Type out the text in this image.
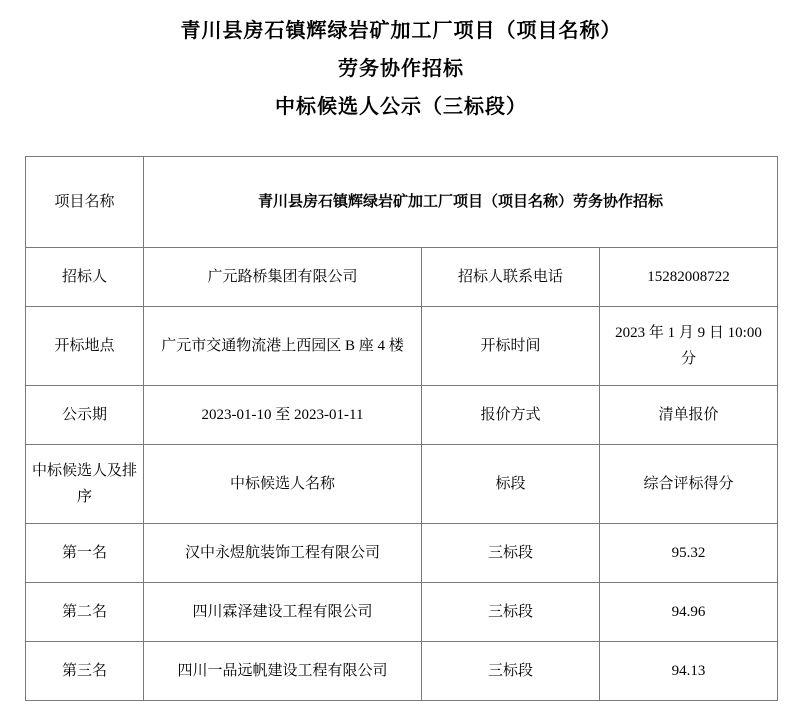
青川县房石镇辉绿岩矿加工厂项目（项目名称）
劳务协作招标
中标候选人公示（三标段）
项目名称	青川县房石镇辉绿岩矿加工厂项目（项目名称）劳务协作招标		
招标人	广元路桥集团有限公司	招标人联系电话	15282008722
开标地点	广元市交通物流港上西园区 B 座 4 楼	开标时间	2023 年 1 月 9 日 10:00 分
公示期	2023-01-10 至 2023-01-11	报价方式	清单报价
中标候选人及排序	中标候选人名称	标段	综合评标得分
第一名	汉中永煜航装饰工程有限公司	三标段	95.32
第二名	四川霖泽建设工程有限公司	三标段	94.96
第三名	四川一品远帆建设工程有限公司	三标段	94.13
